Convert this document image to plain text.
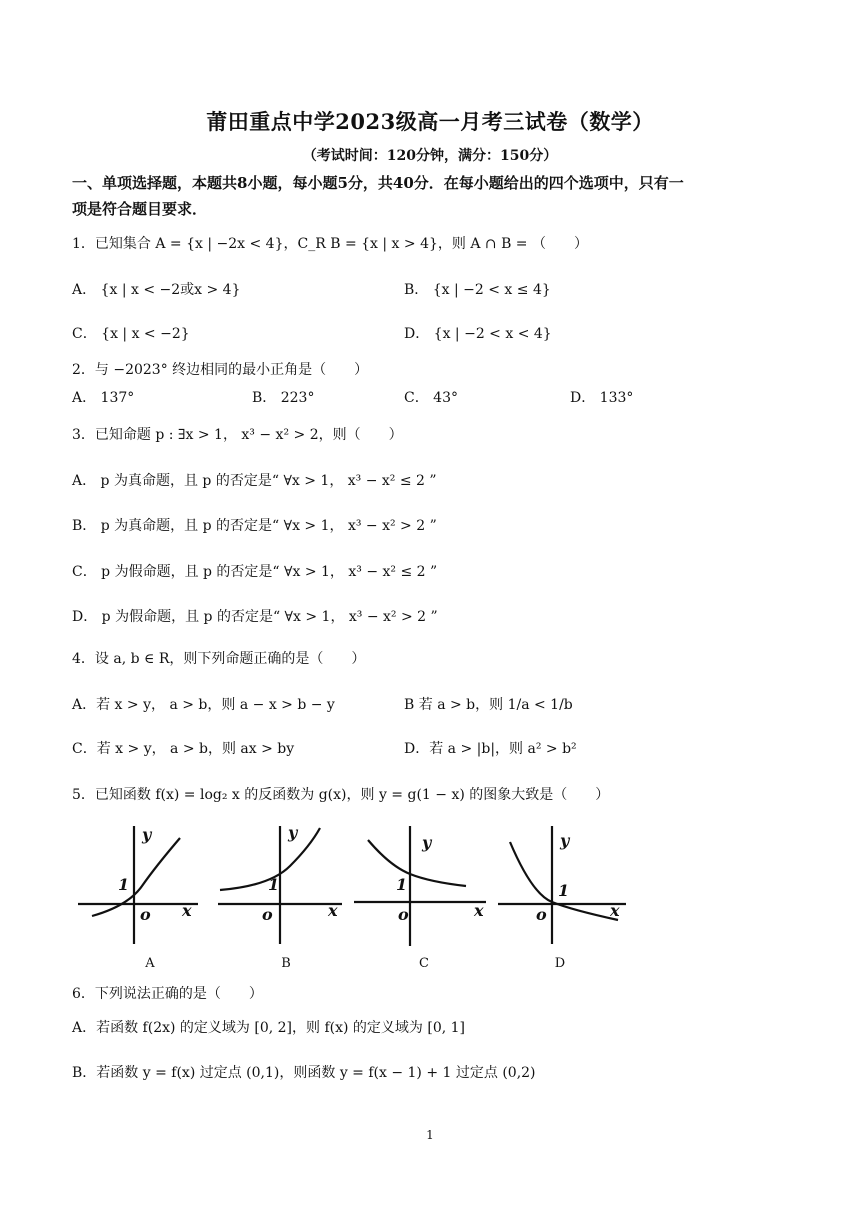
莆田重点中学2023级高一月考三试卷（数学）
（考试时间：120分钟，满分：150分）
一、单项选择题，本题共8小题，每小题5分，共40分．在每小题给出的四个选项中，只有一
项是符合题目要求．
1．已知集合 A = {x | −2x < 4}，C_R B = {x | x > 4}，则 A ∩ B = （　　）
A． {x | x < −2或x > 4}	B． {x | −2 < x ≤ 4}
C． {x | x < −2}	D． {x | −2 < x < 4}
2．与 −2023° 终边相同的最小正角是（　　）
A． 137°	B． 223°	C． 43°	D． 133°
3．已知命题 p : ∃x > 1， x³ − x² > 2，则（　　）
A． p 为真命题，且 p 的否定是“ ∀x > 1， x³ − x² ≤ 2 ”
B． p 为真命题，且 p 的否定是“ ∀x > 1， x³ − x² > 2 ”
C． p 为假命题，且 p 的否定是“ ∀x > 1， x³ − x² ≤ 2 ”
D． p 为假命题，且 p 的否定是“ ∀x > 1， x³ − x² > 2 ”
4．设 a, b ∈ R，则下列命题正确的是（　　）
A．若 x > y， a > b，则 a − x > b − y	B 若 a > b，则 1/a < 1/b
C．若 x > y， a > b，则 ax > by	D．若 a > |b|，则 a² > b²
5．已知函数 f(x) = log₂ x 的反函数为 g(x)，则 y = g(1 − x) 的图象大致是（　　）
y
x
o
1
y
x
o
1
y
x
o
1
y
x
o
1
A	B	C	D
6．下列说法正确的是（　　）
A．若函数 f(2x) 的定义域为 [0, 2]，则 f(x) 的定义域为 [0, 1]
B．若函数 y = f(x) 过定点 (0,1)，则函数 y = f(x − 1) + 1 过定点 (0,2)
1
